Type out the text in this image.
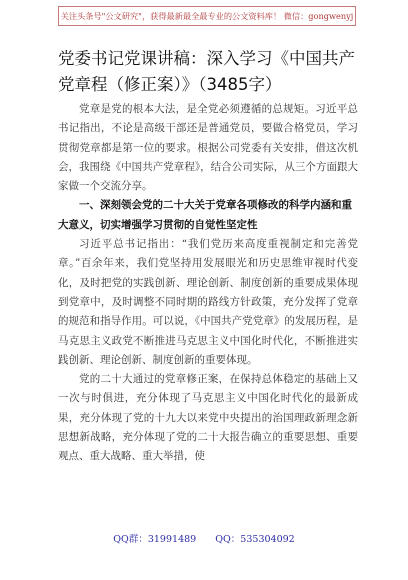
关注头条号"公文研究"，获得最新最全最专业的公文资料库！ 微信：gongwenyj
党委书记党课讲稿：深入学习《中国共产党章程（修正案）》（3485字）

党章是党的根本大法，是全党必须遵循的总规矩。习近平总书记指出，不论是高级干部还是普通党员，要做合格党员，学习贯彻党章都是第一位的要求。根据公司党委有关安排，借这次机会，我围绕《中国共产党章程》，结合公司实际，从三个方面跟大家做一个交流分享。

一、深刻领会党的二十大关于党章各项修改的科学内涵和重大意义，切实增强学习贯彻的自觉性坚定性

习近平总书记指出：“我们党历来高度重视制定和完善党章。”百余年来，我们党坚持用发展眼光和历史思维审视时代变化，及时把党的实践创新、理论创新、制度创新的重要成果体现到党章中，及时调整不同时期的路线方针政策，充分发挥了党章的规范和指导作用。可以说，《中国共产党党章》的发展历程，是马克思主义政党不断推进马克思主义中国化时代化，不断推进实践创新、理论创新、制度创新的重要体现。

党的二十大通过的党章修正案，在保持总体稳定的基础上又一次与时俱进，充分体现了马克思主义中国化时代化的最新成果，充分体现了党的十九大以来党中央提出的治国理政新理念新思想新战略，充分体现了党的二十大报告确立的重要思想、重要观点、重大战略、重大举措，使

QQ群：31991489 QQ：535304092
